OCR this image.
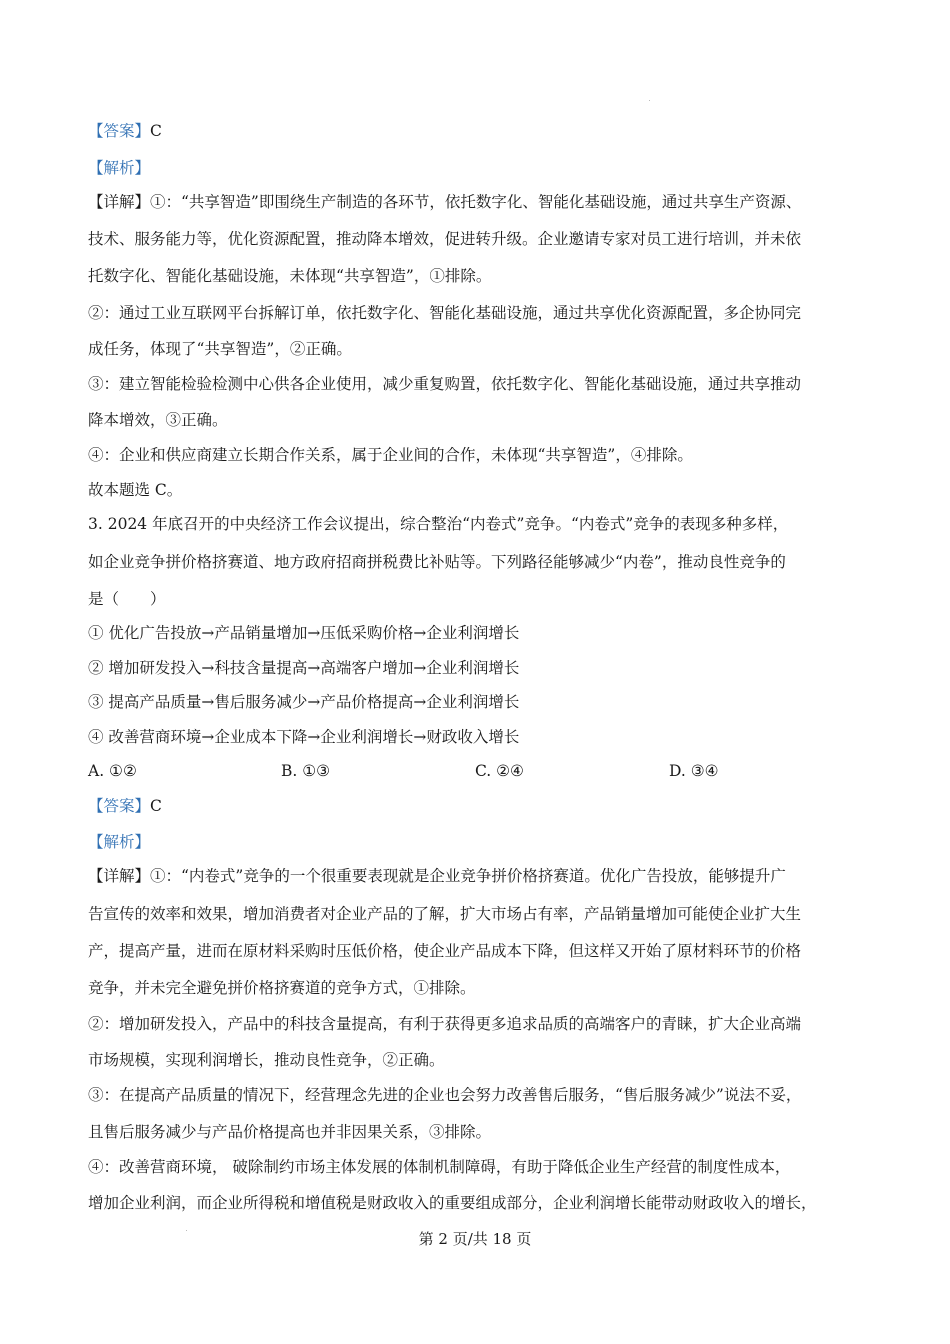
【答案】C
【解析】
【详解】①：“共享智造”即围绕生产制造的各环节，依托数字化、智能化基础设施，通过共享生产资源、
技术、服务能力等，优化资源配置，推动降本增效，促进转升级。企业邀请专家对员工进行培训，并未依
托数字化、智能化基础设施，未体现“共享智造”，①排除。
②：通过工业互联网平台拆解订单，依托数字化、智能化基础设施，通过共享优化资源配置，多企协同完
成任务，体现了“共享智造”，②正确。
③：建立智能检验检测中心供各企业使用，减少重复购置，依托数字化、智能化基础设施，通过共享推动
降本增效，③正确。
④：企业和供应商建立长期合作关系，属于企业间的合作，未体现“共享智造”，④排除。
故本题选 C。
3. 2024 年底召开的中央经济工作会议提出，综合整治“内卷式”竞争。“内卷式”竞争的表现多种多样，
如企业竞争拼价格挤赛道、地方政府招商拼税费比补贴等。下列路径能够减少“内卷”，推动良性竞争的
是（　　）
① 优化广告投放→产品销量增加→压低采购价格→企业利润增长
② 增加研发投入→科技含量提高→高端客户增加→企业利润增长
③ 提高产品质量→售后服务减少→产品价格提高→企业利润增长
④ 改善营商环境→企业成本下降→企业利润增长→财政收入增长
A. ①②	B. ①③	C. ②④	D. ③④
【答案】C
【解析】
【详解】①：“内卷式”竞争的一个很重要表现就是企业竞争拼价格挤赛道。优化广告投放，能够提升广
告宣传的效率和效果，增加消费者对企业产品的了解，扩大市场占有率，产品销量增加可能使企业扩大生
产，提高产量，进而在原材料采购时压低价格，使企业产品成本下降，但这样又开始了原材料环节的价格
竞争，并未完全避免拼价格挤赛道的竞争方式，①排除。
②：增加研发投入，产品中的科技含量提高，有利于获得更多追求品质的高端客户的青睐，扩大企业高端
市场规模，实现利润增长，推动良性竞争，②正确。
③：在提高产品质量的情况下，经营理念先进的企业也会努力改善售后服务，“售后服务减少”说法不妥，
且售后服务减少与产品价格提高也并非因果关系，③排除。
④：改善营商环境， 破除制约市场主体发展的体制机制障碍，有助于降低企业生产经营的制度性成本，
增加企业利润，而企业所得税和增值税是财政收入的重要组成部分，企业利润增长能带动财政收入的增长，
第 2 页/共 18 页
